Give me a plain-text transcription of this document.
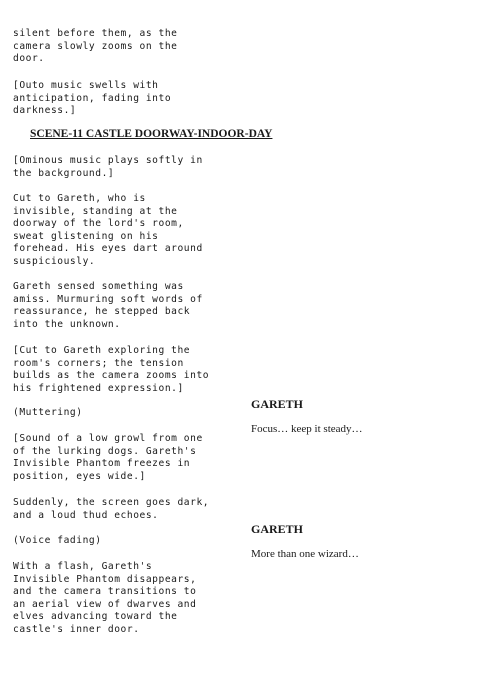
silent before them, as the
camera slowly zooms on the
door.

[Outo music swells with
anticipation, fading into
darkness.]

SCENE-11 CASTLE DOORWAY-INDOOR-DAY

[Ominous music plays softly in
the background.]

Cut to Gareth, who is
invisible, standing at the
doorway of the lord's room,
sweat glistening on his
forehead. His eyes dart around
suspiciously.

Gareth sensed something was
amiss. Murmuring soft words of
reassurance, he stepped back
into the unknown.

[Cut to Gareth exploring the
room's corners; the tension
builds as the camera zooms into
his frightened expression.]

(Muttering)

[Sound of a low growl from one
of the lurking dogs. Gareth's
Invisible Phantom freezes in
position, eyes wide.]

Suddenly, the screen goes dark,
and a loud thud echoes.

(Voice fading)

With a flash, Gareth's
Invisible Phantom disappears,
and the camera transitions to
an aerial view of dwarves and
elves advancing toward the
castle's inner door.

GARETH

Focus… keep it steady…

GARETH

More than one wizard…
